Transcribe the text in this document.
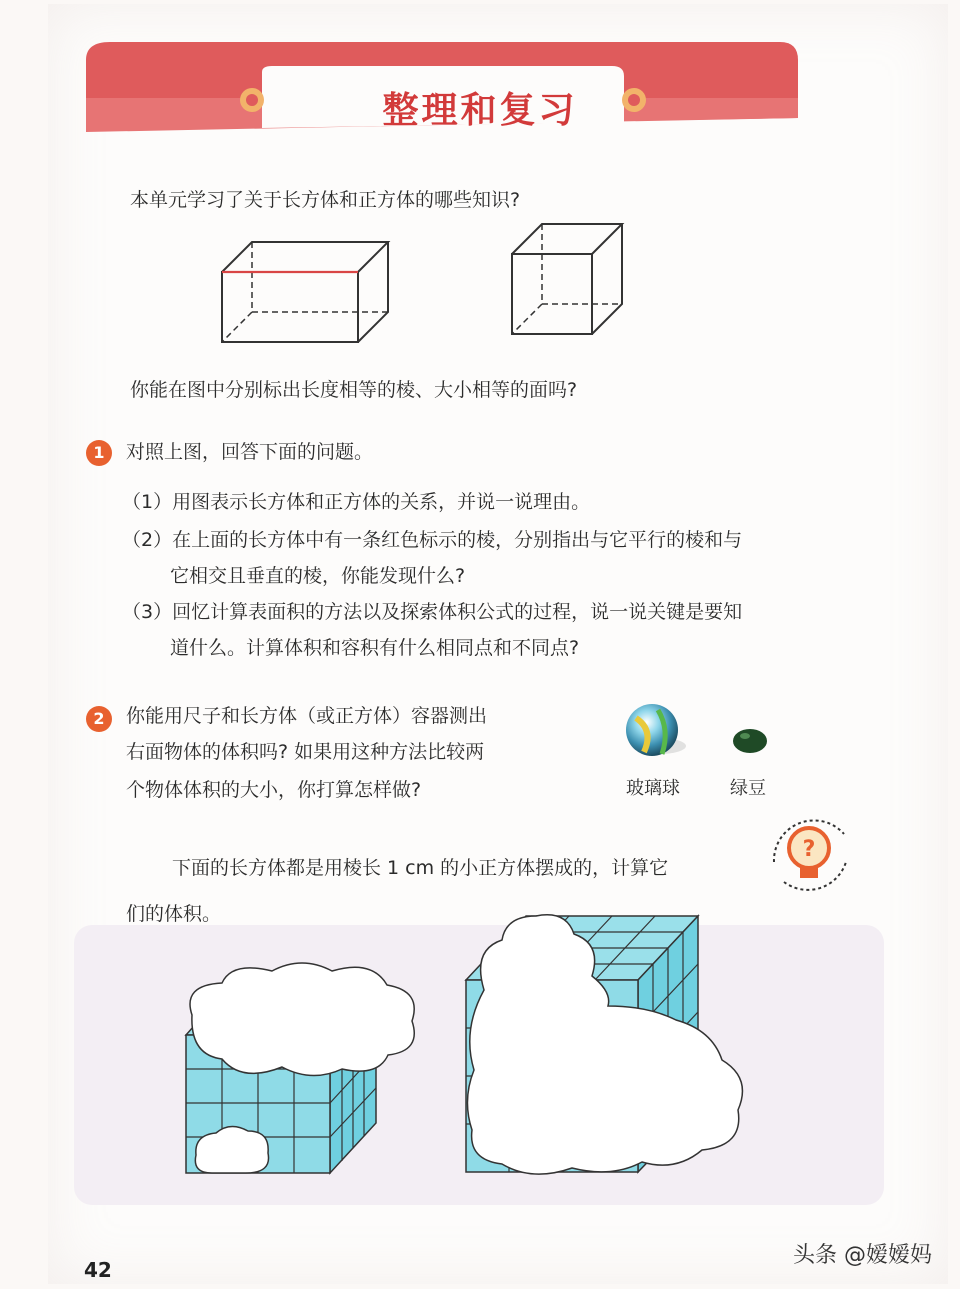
整理和复习
本单元学习了关于长方体和正方体的哪些知识?
你能在图中分别标出长度相等的棱、大小相等的面吗?
1	对照上图，回答下面的问题。
（1）用图表示长方体和正方体的关系，并说一说理由。
（2）在上面的长方体中有一条红色标示的棱，分别指出与它平行的棱和与
它相交且垂直的棱，你能发现什么?
（3）回忆计算表面积的方法以及探索体积公式的过程，说一说关键是要知
道什么。计算体积和容积有什么相同点和不同点?
2	你能用尺子和长方体（或正方体）容器测出
右面物体的体积吗? 如果用这种方法比较两
个物体体积的大小，你打算怎样做?	玻璃球	绿豆
?
下面的长方体都是用棱长 1 cm 的小正方体摆成的，计算它
们的体积。
42
头条 @嫒嫒妈
